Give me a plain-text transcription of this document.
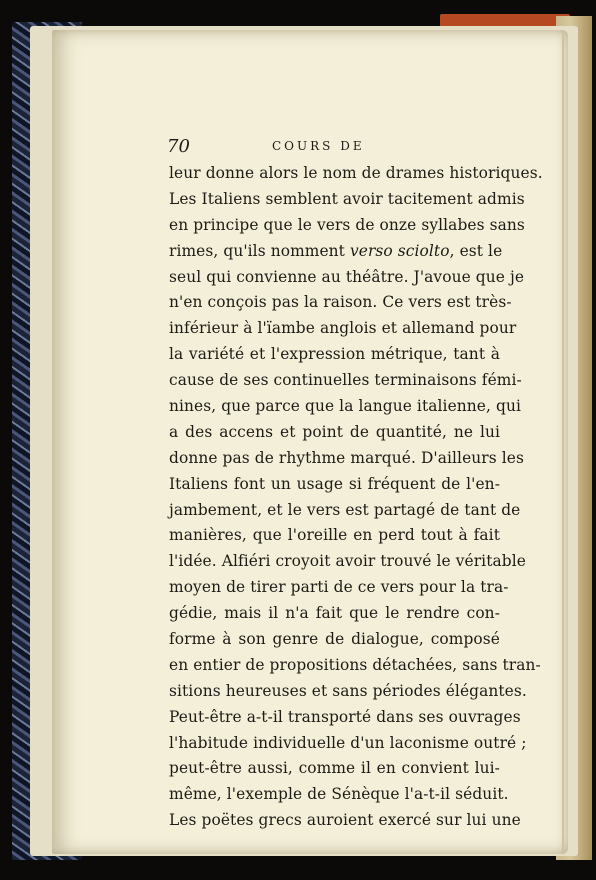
70	COURS DE
leur donne alors le nom de drames historiques.
Les Italiens semblent avoir tacitement admis
en principe que le vers de onze syllabes sans
rimes, qu'ils nomment verso sciolto, est le
seul qui convienne au théâtre. J'avoue que je
n'en conçois pas la raison. Ce vers est très-
inférieur à l'ïambe anglois et allemand pour
la variété et l'expression métrique, tant à
cause de ses continuelles terminaisons fémi-
nines, que parce que la langue italienne, qui
a des accens et point de quantité, ne lui
donne pas de rhythme marqué. D'ailleurs les
Italiens font un usage si fréquent de l'en-
jambement, et le vers est partagé de tant de
manières, que l'oreille en perd tout à fait
l'idée. Alfiéri croyoit avoir trouvé le véritable
moyen de tirer parti de ce vers pour la tra-
gédie, mais il n'a fait que le rendre con-
forme à son genre de dialogue, composé
en entier de propositions détachées, sans tran-
sitions heureuses et sans périodes élégantes.
Peut-être a-t-il transporté dans ses ouvrages
l'habitude individuelle d'un laconisme outré ;
peut-être aussi, comme il en convient lui-
même, l'exemple de Sénèque l'a-t-il séduit.
Les poëtes grecs auroient exercé sur lui une
